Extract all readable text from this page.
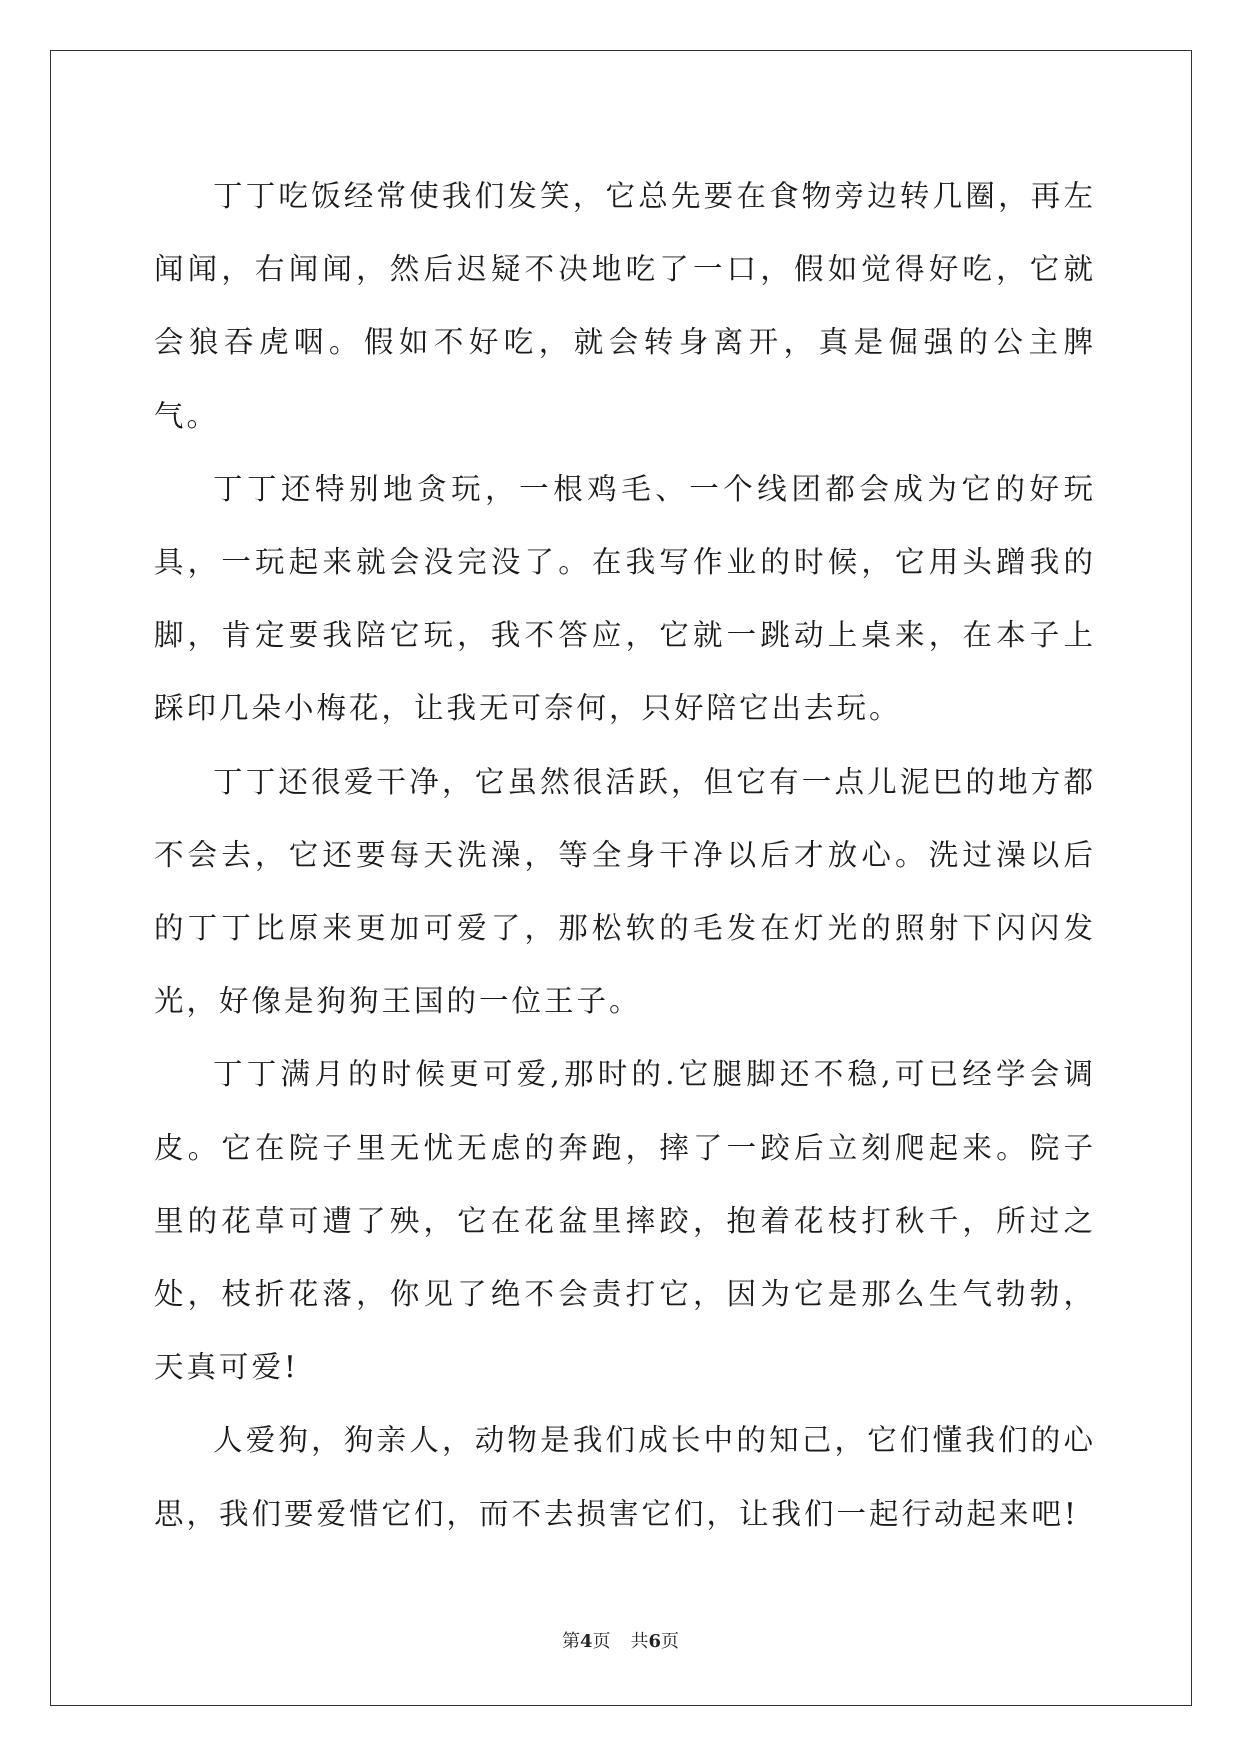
丁丁吃饭经常使我们发笑，它总先要在食物旁边转几圈，再左闻闻，右闻闻，然后迟疑不决地吃了一口，假如觉得好吃，它就会狼吞虎咽。假如不好吃，就会转身离开，真是倔强的公主脾气。

丁丁还特别地贪玩，一根鸡毛、一个线团都会成为它的好玩具，一玩起来就会没完没了。在我写作业的时候，它用头蹭我的脚，肯定要我陪它玩，我不答应，它就一跳动上桌来，在本子上踩印几朵小梅花，让我无可奈何，只好陪它出去玩。

丁丁还很爱干净，它虽然很活跃，但它有一点儿泥巴的地方都不会去，它还要每天洗澡，等全身干净以后才放心。洗过澡以后的丁丁比原来更加可爱了，那松软的毛发在灯光的照射下闪闪发光，好像是狗狗王国的一位王子。

丁丁满月的时候更可爱,那时的.它腿脚还不稳,可已经学会调皮。它在院子里无忧无虑的奔跑，摔了一跤后立刻爬起来。院子里的花草可遭了殃，它在花盆里摔跤，抱着花枝打秋千，所过之处，枝折花落，你见了绝不会责打它，因为它是那么生气勃勃，天真可爱!

人爱狗，狗亲人，动物是我们成长中的知己，它们懂我们的心思，我们要爱惜它们，而不去损害它们，让我们一起行动起来吧!

第4页 共6页
